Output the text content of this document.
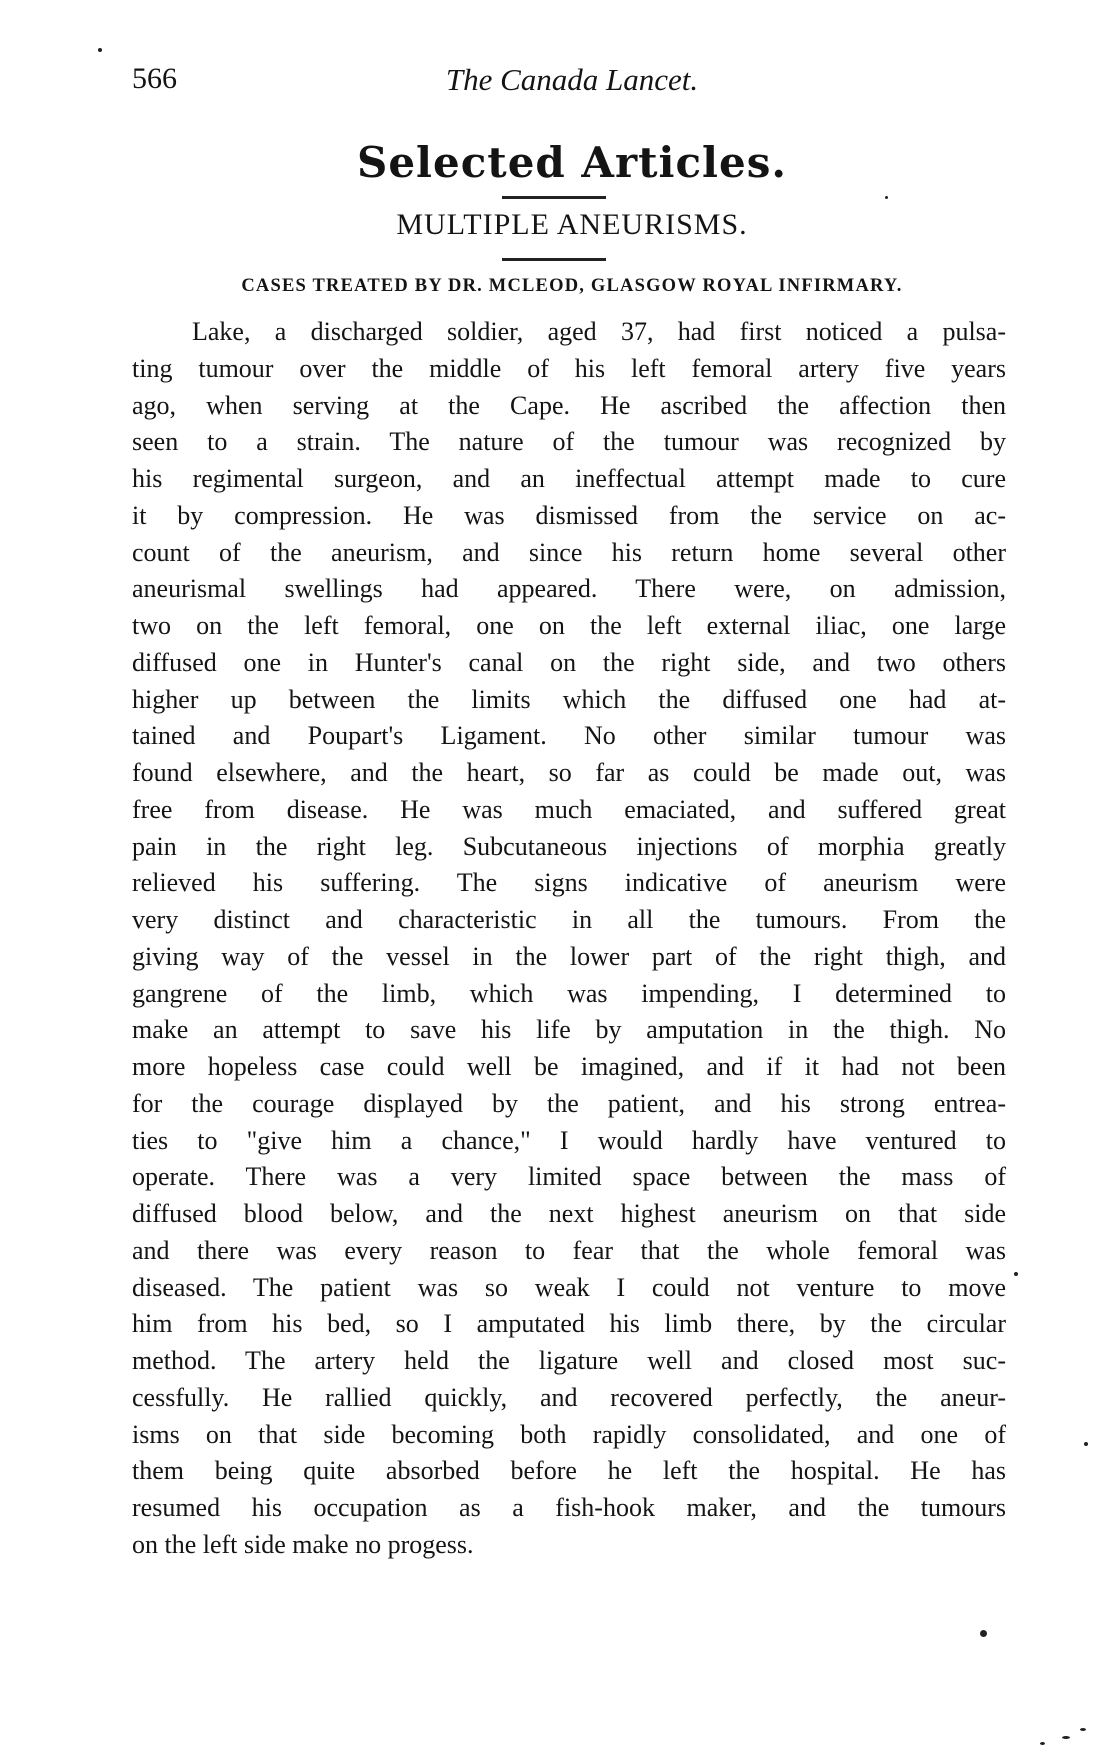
566	The Canada Lancet.
Selected Articles.
MULTIPLE ANEURISMS.
CASES TREATED BY DR. MCLEOD, GLASGOW ROYAL INFIRMARY.
Lake, a discharged soldier, aged 37, had first noticed a pulsa-
ting tumour over the middle of his left femoral artery five years
ago, when serving at the Cape. He ascribed the affection then
seen to a strain. The nature of the tumour was recognized by
his regimental surgeon, and an ineffectual attempt made to cure
it by compression. He was dismissed from the service on ac-
count of the aneurism, and since his return home several other
aneurismal swellings had appeared. There were, on admission,
two on the left femoral, one on the left external iliac, one large
diffused one in Hunter's canal on the right side, and two others
higher up between the limits which the diffused one had at-
tained and Poupart's Ligament. No other similar tumour was
found elsewhere, and the heart, so far as could be made out, was
free from disease. He was much emaciated, and suffered great
pain in the right leg. Subcutaneous injections of morphia greatly
relieved his suffering. The signs indicative of aneurism were
very distinct and characteristic in all the tumours. From the
giving way of the vessel in the lower part of the right thigh, and
gangrene of the limb, which was impending, I determined to
make an attempt to save his life by amputation in the thigh. No
more hopeless case could well be imagined, and if it had not been
for the courage displayed by the patient, and his strong entrea-
ties to "give him a chance," I would hardly have ventured to
operate. There was a very limited space between the mass of
diffused blood below, and the next highest aneurism on that side
and there was every reason to fear that the whole femoral was
diseased. The patient was so weak I could not venture to move
him from his bed, so I amputated his limb there, by the circular
method. The artery held the ligature well and closed most suc-
cessfully. He rallied quickly, and recovered perfectly, the aneur-
isms on that side becoming both rapidly consolidated, and one of
them being quite absorbed before he left the hospital. He has
resumed his occupation as a fish-hook maker, and the tumours
on the left side make no progess.
